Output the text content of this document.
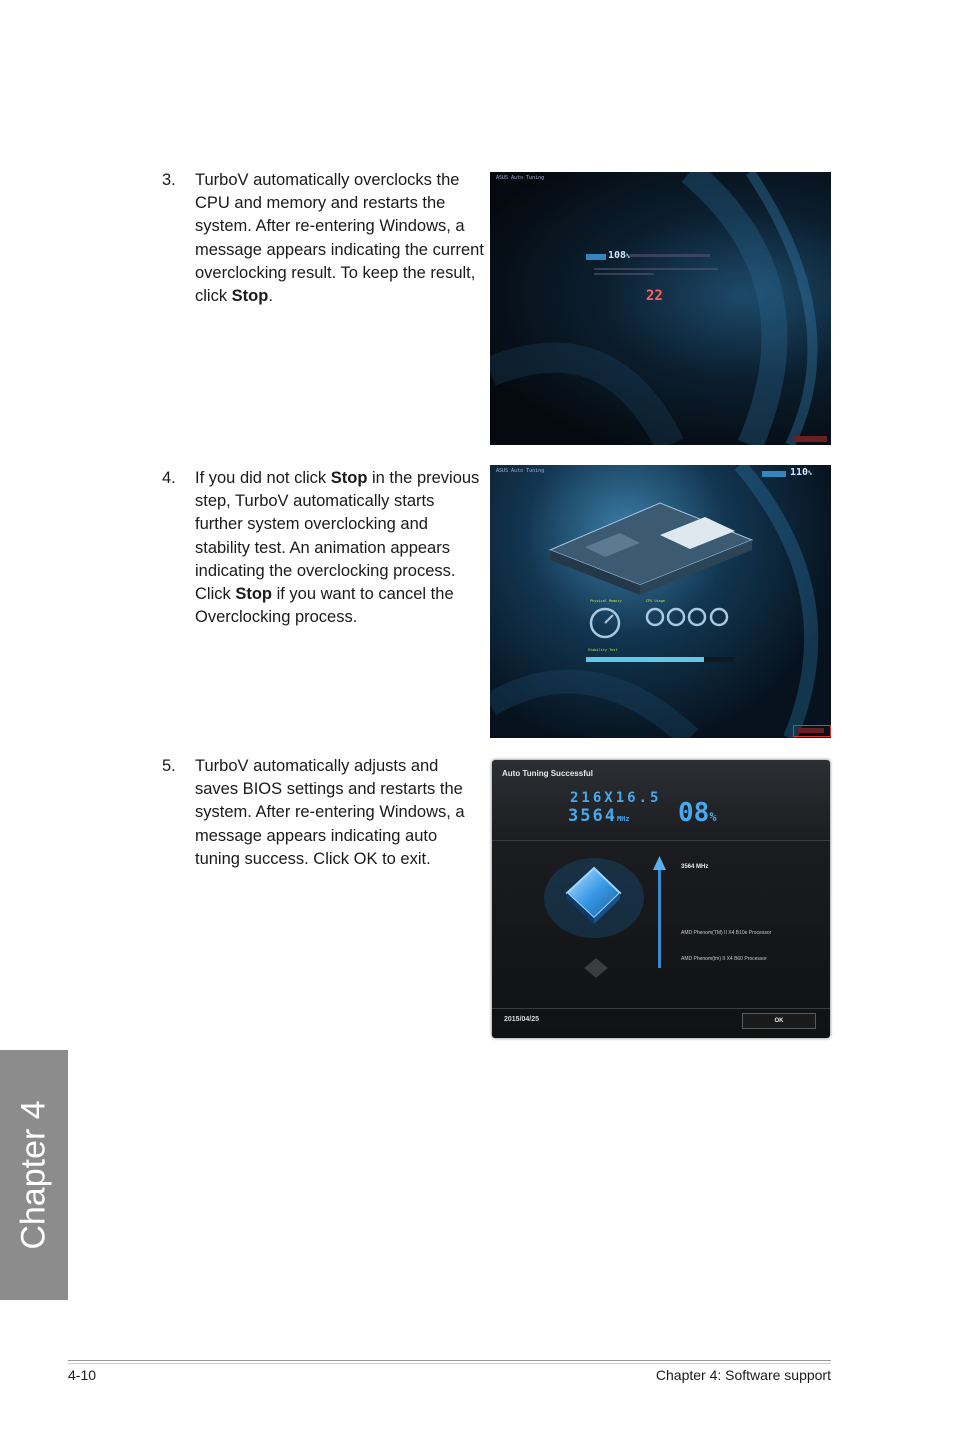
3.	TurboV automatically overclocks the CPU and memory and restarts the system. After re-entering Windows, a message appears indicating the current overclocking result. To keep the result, click Stop.
4.	If you did not click Stop in the previous step, TurboV automatically starts further system overclocking and stability test. An animation appears indicating the overclocking process. Click Stop if you want to cancel the Overclocking process.
5.	TurboV automatically adjusts and saves BIOS settings and restarts the system. After re-entering Windows, a message appears indicating auto tuning success. Click OK to exit.
ASUS Auto Tuning
108%
22
ASUS Auto Tuning	110%
Physical Memory	CPU Usage
Stability Test
Auto Tuning Successful
216X16.5
3564MHz 08%
3564 MHz
AMD Phenom(TM) II X4 B10e Processor
AMD Phenom(tm) II X4 B60 Processor
2015/04/25	OK
Chapter 4
4-10	Chapter 4: Software support
